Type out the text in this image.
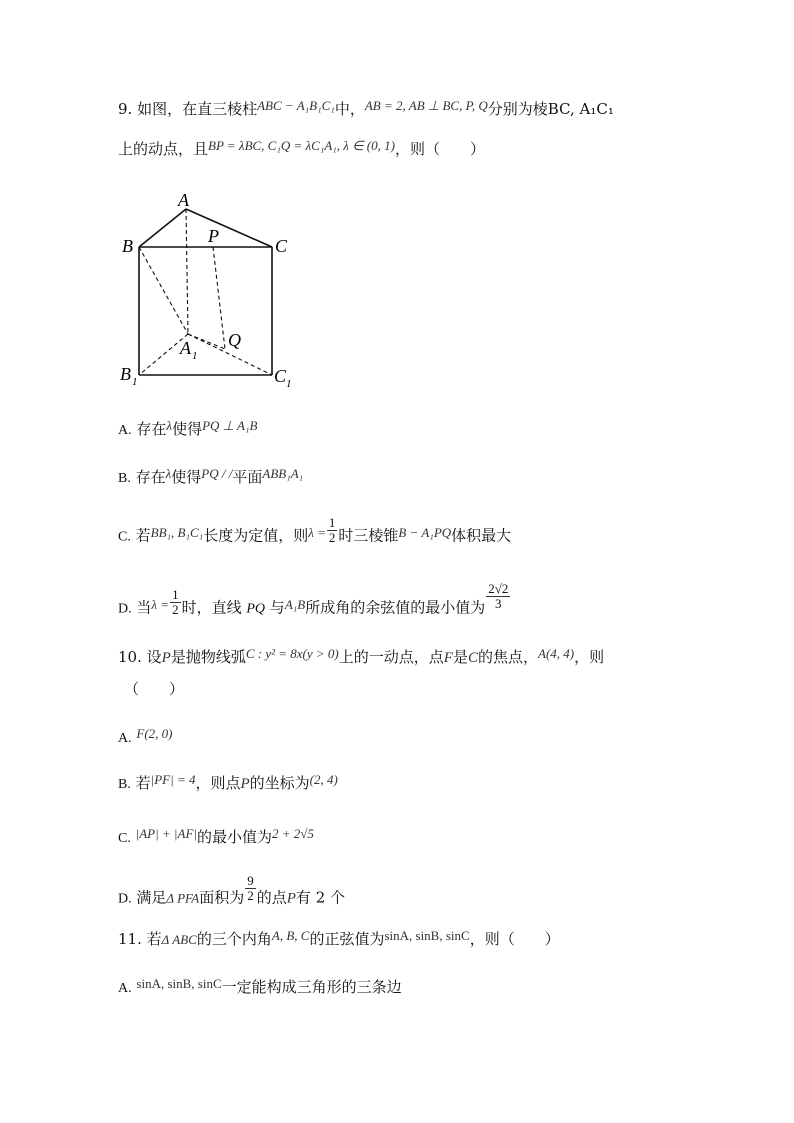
9. 如图，在直三棱柱ABC − A₁B₁C₁中，AB = 2, AB ⊥ BC, P, Q分别为棱BC, A₁C₁
上的动点，且BP = λBC, C₁Q = λC₁A₁, λ ∈ (0, 1)，则（　　）
A
B	C
P
Q
A 1
B 1	C 1
A. 存在λ使得PQ ⊥ A₁B
B. 存在λ使得PQ / /平面ABB₁A₁
C. 若BB₁, B₁C₁长度为定值，则$\lambda = \frac{1}{2}$ 时三棱锥B − A₁PQ体积最大
D. 当$\lambda = \frac{1}{2}$ 时，直线 PQ 与A₁B所成角的余弦值的最小值为 $\frac{2√2}{3}$
10. 设P是抛物线弧C : y² = 8x(y > 0)上的一动点，点F是C的焦点，A(4, 4)，则
（　　）
A. F(2, 0)
B. 若|PF| = 4，则点P的坐标为(2, 4)
C. |AP| + |AF|的最小值为2 + 2√5
D. 满足Δ PFA面积为 $\frac{9}{2}$ 的点P有 2 个
11. 若Δ ABC的三个内角A, B, C的正弦值为sinA, sinB, sinC，则（　　）
A. sinA, sinB, sinC一定能构成三角形的三条边
